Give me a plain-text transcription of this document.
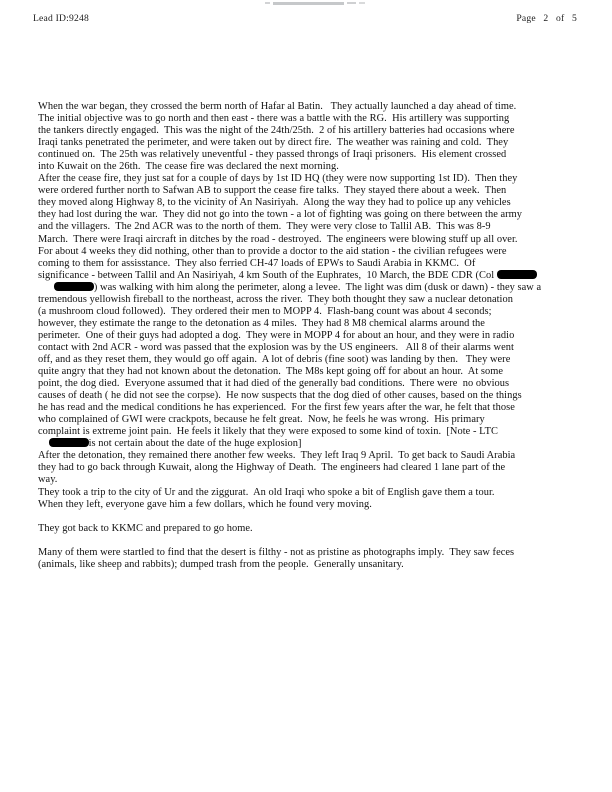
Lead ID:9248	Page 2 of 5
When the war began, they crossed the berm north of Hafar al Batin.   They actually launched a day ahead of time.
The initial objective was to go north and then east - there was a battle with the RG.  His artillery was supporting
the tankers directly engaged.  This was the night of the 24th/25th.  2 of his artillery batteries had occasions where
Iraqi tanks penetrated the perimeter, and were taken out by direct fire.  The weather was raining and cold.  They
continued on.  The 25th was relatively uneventful - they passed throngs of Iraqi prisoners.  His element crossed
into Kuwait on the 26th.  The cease fire was declared the next morning.
After the cease fire, they just sat for a couple of days by 1st ID HQ (they were now supporting 1st ID).  Then they
were ordered further north to Safwan AB to support the cease fire talks.  They stayed there about a week.  Then
they moved along Highway 8, to the vicinity of An Nasiriyah.  Along the way they had to police up any vehicles
they had lost during the war.  They did not go into the town - a lot of fighting was going on there between the army
and the villagers.  The 2nd ACR was to the north of them.  They were very close to Tallil AB.  This was 8-9
March.  There were Iraqi aircraft in ditches by the road - destroyed.  The engineers were blowing stuff up all over.
For about 4 weeks they did nothing, other than to provide a doctor to the aid station - the civilian refugees were
coming to them for assisstance.  They also ferried CH-47 loads of EPWs to Saudi Arabia in KKMC.  Of
significance - between Tallil and An Nasiriyah, 4 km South of the Euphrates,  10 March, the BDE CDR (Col
) was walking with him along the perimeter, along a levee.  The light was dim (dusk or dawn) - they saw a
tremendous yellowish fireball to the northeast, across the river.  They both thought they saw a nuclear detonation
(a mushroom cloud followed).  They ordered their men to MOPP 4.  Flash-bang count was about 4 seconds;
however, they estimate the range to the detonation as 4 miles.  They had 8 M8 chemical alarms around the
perimeter.  One of their guys had adopted a dog.  They were in MOPP 4 for about an hour, and they were in radio
contact with 2nd ACR - word was passed that the explosion was by the US engineers.   All 8 of their alarms went
off, and as they reset them, they would go off again.  A lot of debris (fine soot) was landing by then.   They were
quite angry that they had not known about the detonation.  The M8s kept going off for about an hour.  At some
point, the dog died.  Everyone assumed that it had died of the generally bad conditions.  There were  no obvious
causes of death ( he did not see the corpse).  He now suspects that the dog died of other causes, based on the things
he has read and the medical conditions he has experienced.  For the first few years after the war, he felt that those
who complained of GWI were crackpots, because he felt great.  Now, he feels he was wrong.  His primary
complaint is extreme joint pain.  He feels it likely that they were exposed to some kind of toxin.  [Note - LTC
is not certain about the date of the huge explosion]
After the detonation, they remained there another few weeks.  They left Iraq 9 April.  To get back to Saudi Arabia
they had to go back through Kuwait, along the Highway of Death.  The engineers had cleared 1 lane part of the
way.
They took a trip to the city of Ur and the ziggurat.  An old Iraqi who spoke a bit of English gave them a tour.
When they left, everyone gave him a few dollars, which he found very moving.
They got back to KKMC and prepared to go home.
Many of them were startled to find that the desert is filthy - not as pristine as photographs imply.  They saw feces
(animals, like sheep and rabbits); dumped trash from the people.  Generally unsanitary.
